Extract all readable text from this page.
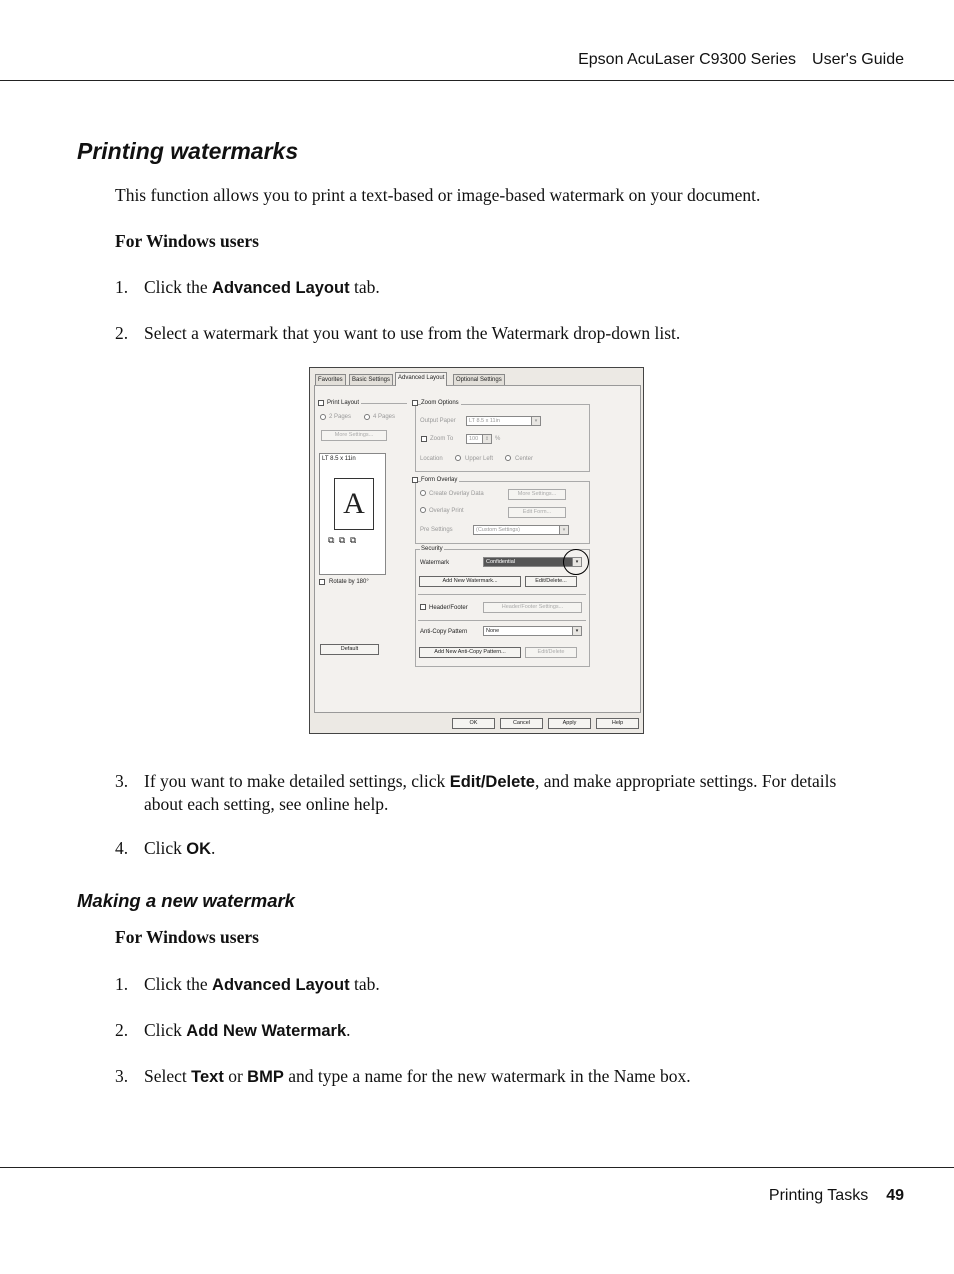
Epson AcuLaser C9300 Series User's Guide
Printing watermarks
This function allows you to print a text-based or image-based watermark on your document.
For Windows users
1. Click the Advanced Layout tab.
2. Select a watermark that you want to use from the Watermark drop-down list.
Favorites	Basic Settings	Advanced Layout	Optional Settings
Print Layout
2 Pages	4 Pages
More Settings...
LT 8.5 x 11in
A
⧉ ⧉ ⧉
Rotate by 180°
Default
Zoom Options
Output Paper	LT 8.5 x 11in	▾
Zoom To	100	⇕ %
Location	Upper Left	Center
Form Overlay
Create Overlay Data	More Settings...
Overlay Print	Edit Form...
Pre Settings	(Custom Settings)	▾
Security
Watermark	Confidential	▾
Add New Watermark...	Edit/Delete...
Header/Footer	Header/Footer Settings...
Anti-Copy Pattern	None	▾
Add New Anti-Copy Pattern...	Edit/Delete
OK	Cancel	Apply	Help
3. If you want to make detailed settings, click Edit/Delete, and make appropriate settings. For details about each setting, see online help.
4. Click OK.
Making a new watermark
For Windows users
1. Click the Advanced Layout tab.
2. Click Add New Watermark.
3. Select Text or BMP and type a name for the new watermark in the Name box.
Printing Tasks 49
